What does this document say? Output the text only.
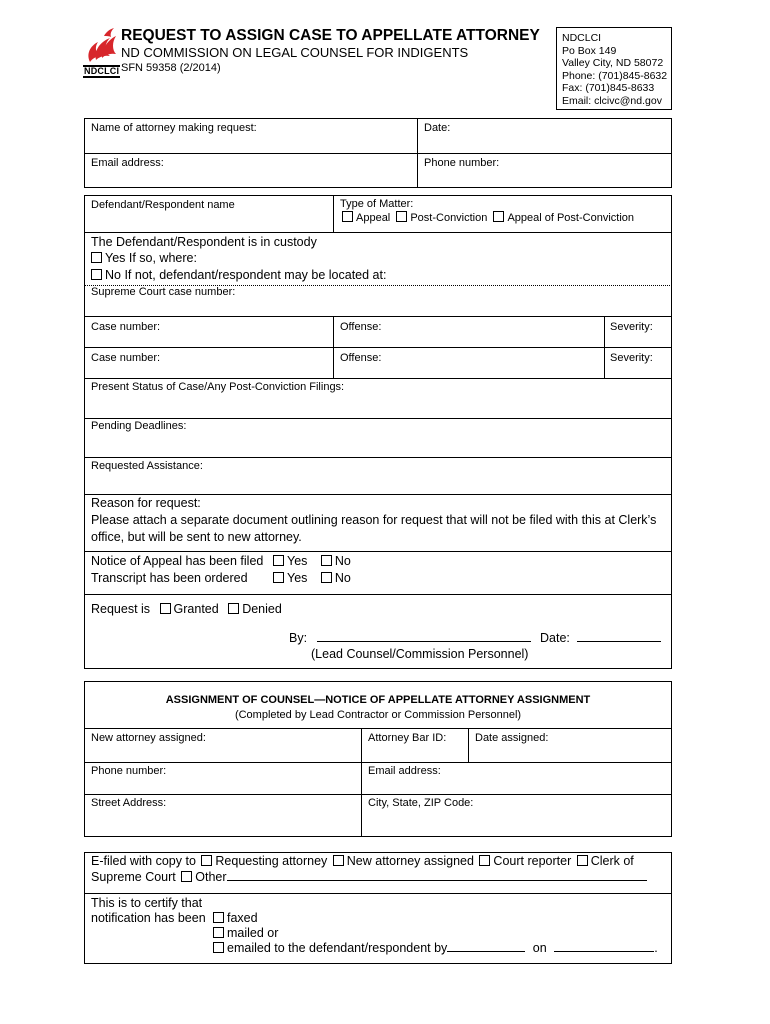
NDCLCI
REQUEST TO ASSIGN CASE TO APPELLATE ATTORNEY
ND COMMISSION ON LEGAL COUNSEL FOR INDIGENTS
SFN 59358 (2/2014)
NDCLCI
Po Box 149
Valley City, ND 58072
Phone: (701)845-8632
Fax: (701)845-8633
Email: clcivc@nd.gov
Name of attorney making request:	Date:
Email address:	Phone number:
Defendant/Respondent name	Type of Matter:
Appeal Post-Conviction Appeal of Post-Conviction
The Defendant/Respondent is in custody
Yes If so, where:
No If not, defendant/respondent may be located at:
Supreme Court case number:
Case number:	Offense:	Severity:
Case number:	Offense:	Severity:
Present Status of Case/Any Post-Conviction Filings:
Pending Deadlines:
Requested Assistance:
Reason for request:
Please attach a separate document outlining reason for request that will not be filed with this at Clerk’s
office, but will be sent to new attorney.
Notice of Appeal has been filed	Yes No
Transcript has been ordered	Yes No
Request is Granted Denied
By:	Date:
(Lead Counsel/Commission Personnel)
ASSIGNMENT OF COUNSEL—NOTICE OF APPELLATE ATTORNEY ASSIGNMENT
(Completed by Lead Contractor or Commission Personnel)
New attorney assigned:	Attorney Bar ID:	Date assigned:
Phone number:	Email address:
Street Address:	City, State, ZIP Code:
E-filed with copy to Requesting attorney New attorney assigned Court reporter Clerk of
Supreme Court Other
This is to certify that
notification has been	faxed
mailed or
emailed to the defendant/respondent by	on	.
